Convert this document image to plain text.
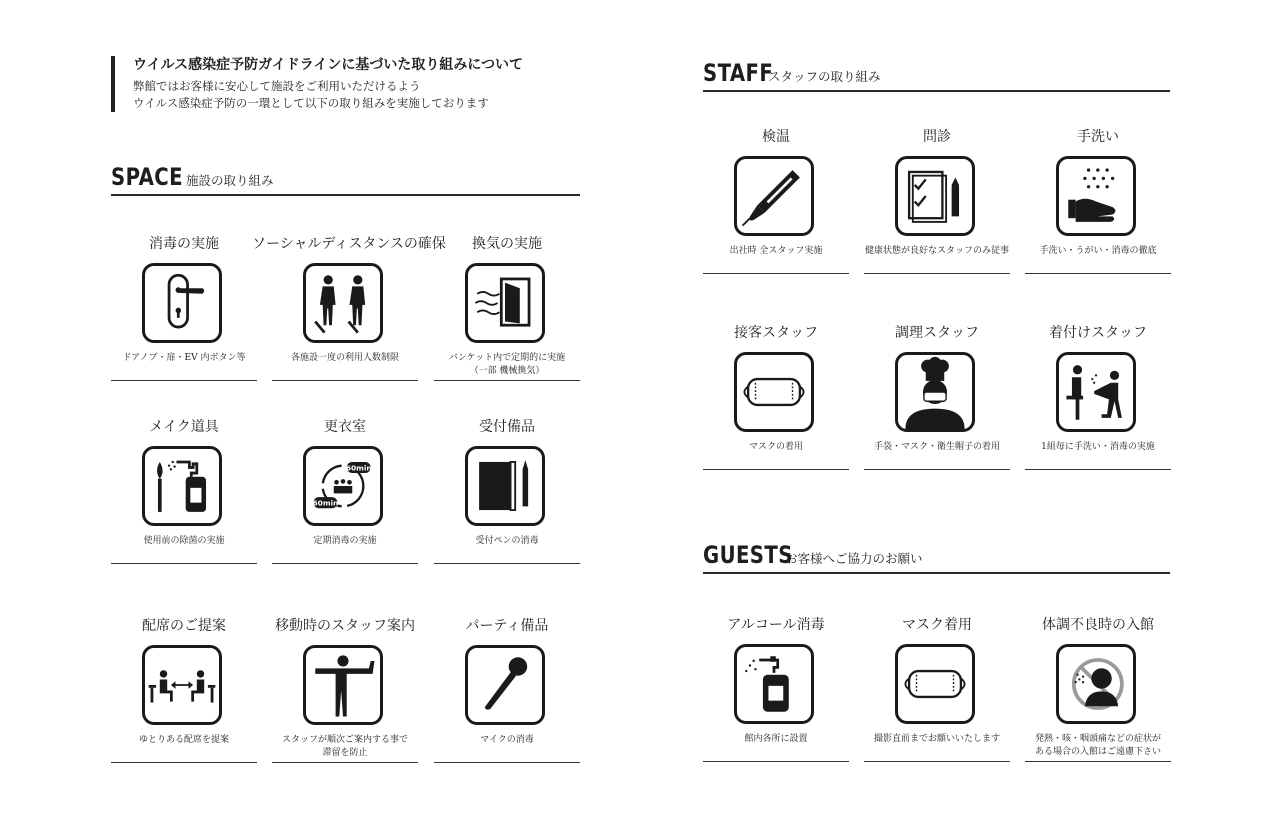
ウイルス感染症予防ガイドラインに基づいた取り組みについて
弊館ではお客様に安心して施設をご利用いただけるよう
ウイルス感染症予防の一環として以下の取り組みを実施しております
SPACE 施設の取り組み
STAFF
スタッフの取り組み
GUESTS
お客様へご協力のお願い
消毒の実施
ドアノブ・扉・EV 内ボタン等
ソーシャルディスタンスの確保
各施設一度の利用人数制限
換気の実施
バンケット内で定期的に実施
（一部 機械換気）
メイク道具
使用前の除菌の実施
更衣室
60min
60min
定期消毒の実施
受付備品
受付ペンの消毒
配席のご提案
ゆとりある配席を提案
移動時のスタッフ案内
スタッフが順次ご案内する事で
滞留を防止
パーティ備品
マイクの消毒
検温
出社時 全スタッフ実施
問診
健康状態が良好なスタッフのみ従事
手洗い
手洗い・うがい・消毒の徹底
接客スタッフ
マスクの着用
調理スタッフ
手袋・マスク・衛生帽子の着用
着付けスタッフ
1組毎に手洗い・消毒の実施
アルコール消毒
館内各所に設置
マスク着用
撮影直前までお願いいたします
体調不良時の入館
発熱・咳・咽頭痛などの症状が
ある場合の入館はご遠慮下さい
